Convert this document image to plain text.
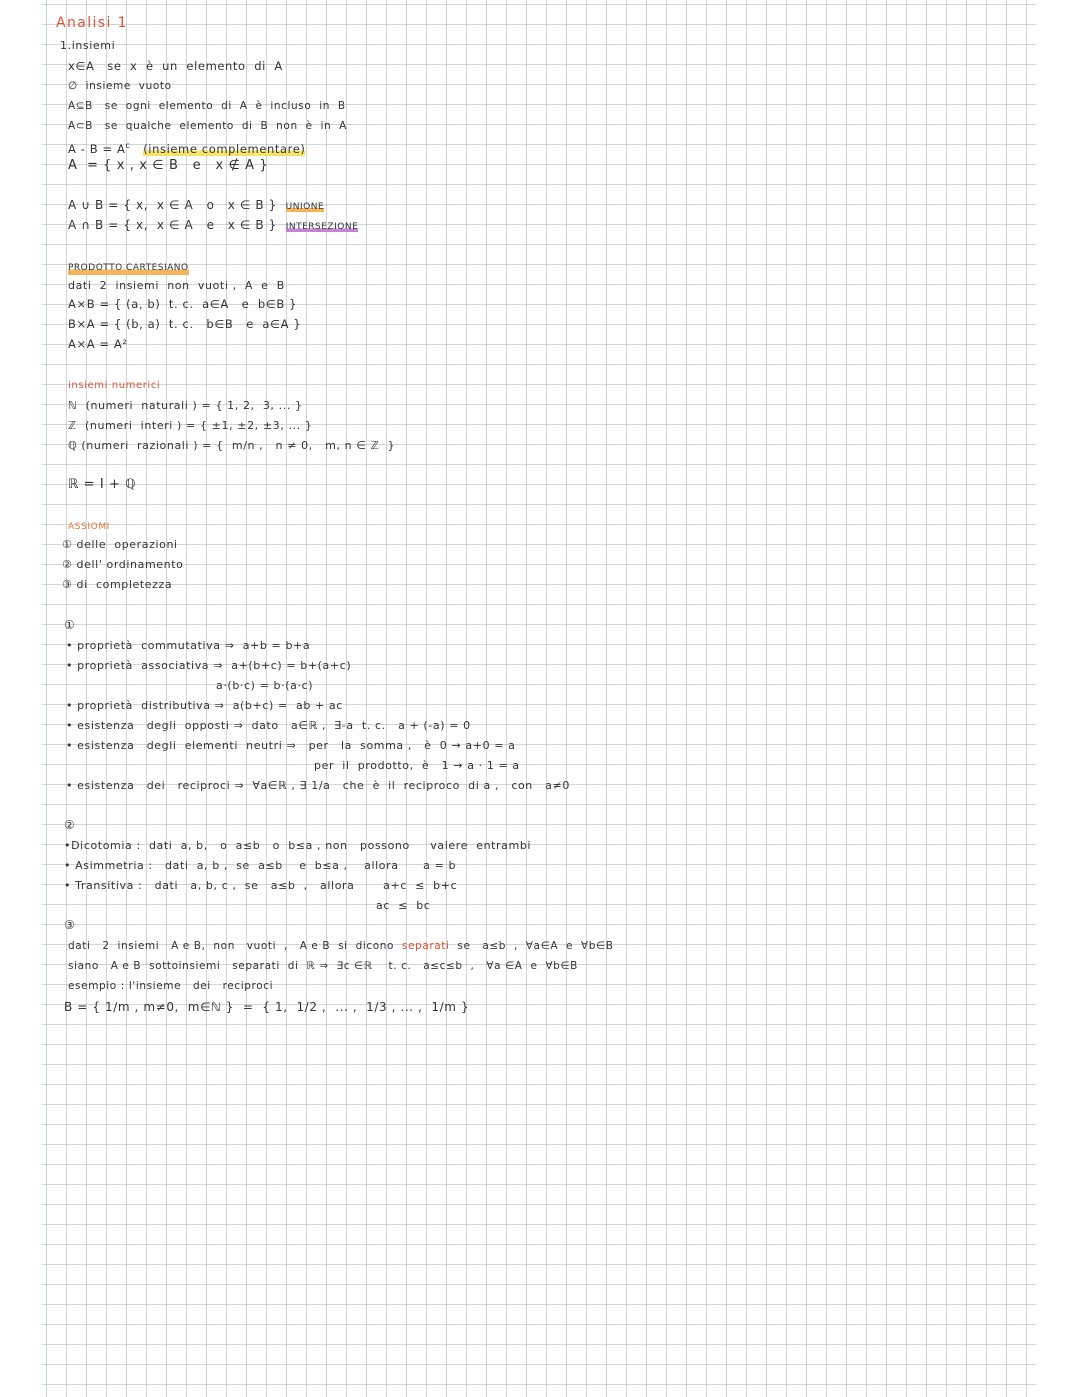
Analisi 1
1.insiemi
x∈A   se  x  è  un  elemento  di  A
∅  insieme  vuoto
A⊆B   se  ogni  elemento  di  A  è  incluso  in  B
A⊂B   se  qualche  elemento  di  B  non  è  in  A
$A - B = A^c$ (insieme complementare)
A  = { x , x ∈ B   e   x ∉ A }
A ∪ B = { x,  x ∈ A   o   x ∈ B } UNIONE
A ∩ B = { x,  x ∈ A   e   x ∈ B } INTERSEZIONE
PRODOTTO CARTESIANO
dati  2  insiemi  non  vuoti ,  A  e  B
A×B = { (a, b)  t. c.  a∈A   e  b∈B }
B×A = { (b, a)  t. c.   b∈B   e  a∈A }
A×A = A²
insiemi numerici
ℕ  (numeri  naturali ) = { 1, 2,  3, ... }
ℤ  (numeri  interi ) = { ±1, ±2, ±3, ... }
ℚ (numeri  razionali ) = {  m/n ,   n ≠ 0,   m, n ∈ ℤ  }
ℝ = I + ℚ
ASSIOMI
① delle  operazioni
② dell' ordinamento
③ di  completezza
①
• proprietà  commutativa ⇒  a+b = b+a
• proprietà  associativa ⇒  a+(b+c) = b+(a+c)
a·(b·c) = b·(a·c)
• proprietà  distributiva ⇒  a(b+c) =  ab + ac
• esistenza   degli  opposti ⇒  dato   a∈ℝ ,  ∃-a  t. c.   a + (-a) = 0
• esistenza   degli  elementi  neutri ⇒   per   la  somma ,   è  0 → a+0 = a
per  il  prodotto,  è   1 → a · 1 = a
• esistenza   dei   reciproci ⇒  ∀a∈ℝ , ∃ 1/a   che  è  il  reciproco  di a ,   con   a≠0
②
•Dicotomia :  dati  a, b,   o  a≤b   o  b≤a , non   possono     valere  entrambi
• Asimmetria :   dati  a, b ,  se  a≤b    e  b≤a ,    allora      a = b
• Transitiva :   dati   a, b, c ,  se   a≤b  ,   allora       a+c  ≤  b+c
ac  ≤  bc
③
dati   2  insiemi   A e B,  non   vuoti  ,   A e B  si  dicono  separati  se   a≤b  ,  ∀a∈A  e  ∀b∈B
siano   A e B  sottoinsiemi   separati  di  ℝ ⇒  ∃c ∈ℝ    t. c.   a≤c≤b  ,   ∀a ∈A  e  ∀b∈B
esempio : l'insieme   dei   reciproci
B = { 1/m , m≠0,  m∈ℕ }  =  { 1,  1/2 ,  ... ,  1/3 , ... ,  1/m }
